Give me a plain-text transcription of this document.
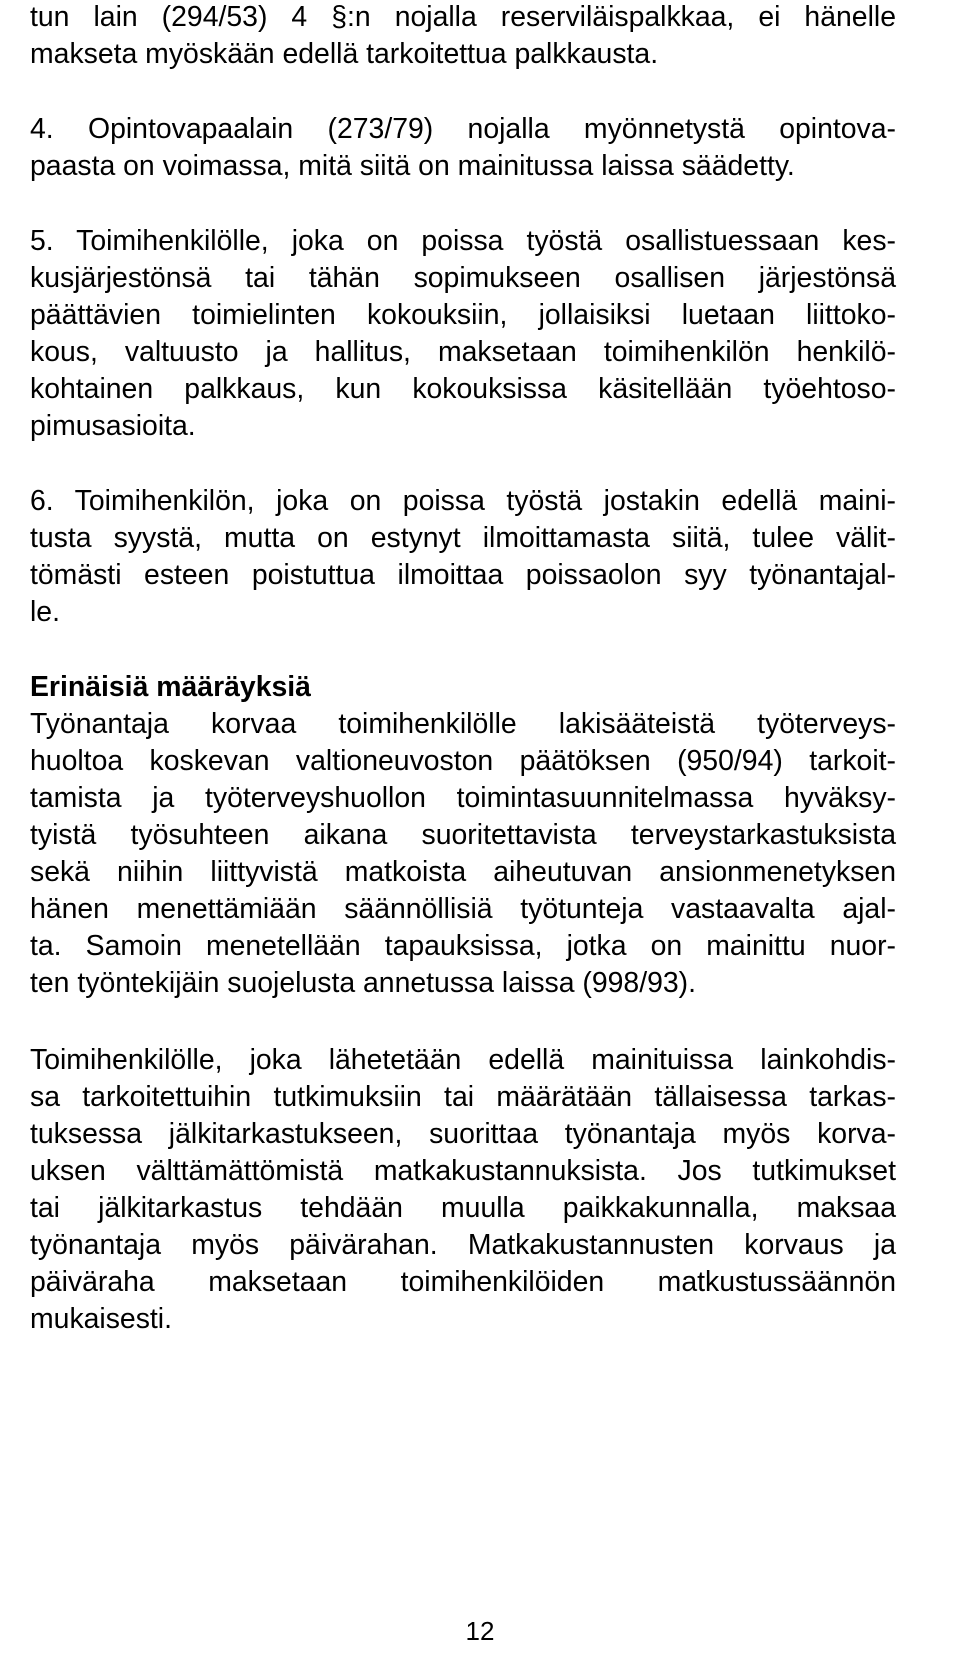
tun lain (294/53) 4 §:n nojalla reserviläispalkkaa, ei hänelle
makseta myöskään edellä tarkoitettua palkkausta.
4. Opintovapaalain (273/79) nojalla myönnetystä opintova-
paasta on voimassa, mitä siitä on mainitussa laissa säädetty.
5. Toimihenkilölle, joka on poissa työstä osallistuessaan kes-
kusjärjestönsä tai tähän sopimukseen osallisen järjestönsä
päättävien toimielinten kokouksiin, jollaisiksi luetaan liittoko-
kous, valtuusto ja hallitus, maksetaan toimihenkilön henkilö-
kohtainen palkkaus, kun kokouksissa käsitellään työehtoso-
pimusasioita.
6. Toimihenkilön, joka on poissa työstä jostakin edellä maini-
tusta syystä, mutta on estynyt ilmoittamasta siitä, tulee välit-
tömästi esteen poistuttua ilmoittaa poissaolon syy työnantajal-
le.
Erinäisiä määräyksiä
Työnantaja korvaa toimihenkilölle lakisääteistä työterveys-
huoltoa koskevan valtioneuvoston päätöksen (950/94) tarkoit-
tamista ja työterveyshuollon toimintasuunnitelmassa hyväksy-
tyistä työsuhteen aikana suoritettavista terveystarkastuksista
sekä niihin liittyvistä matkoista aiheutuvan ansionmenetyksen
hänen menettämiään säännöllisiä työtunteja vastaavalta ajal-
ta. Samoin menetellään tapauksissa, jotka on mainittu nuor-
ten työntekijäin suojelusta annetussa laissa (998/93).
Toimihenkilölle, joka lähetetään edellä mainituissa lainkohdis-
sa tarkoitettuihin tutkimuksiin tai määrätään tällaisessa tarkas-
tuksessa jälkitarkastukseen, suorittaa työnantaja myös korva-
uksen välttämättömistä matkakustannuksista. Jos tutkimukset
tai jälkitarkastus tehdään muulla paikkakunnalla, maksaa
työnantaja myös päivärahan. Matkakustannusten korvaus ja
päiväraha maksetaan toimihenkilöiden matkustussäännön
mukaisesti.
12
